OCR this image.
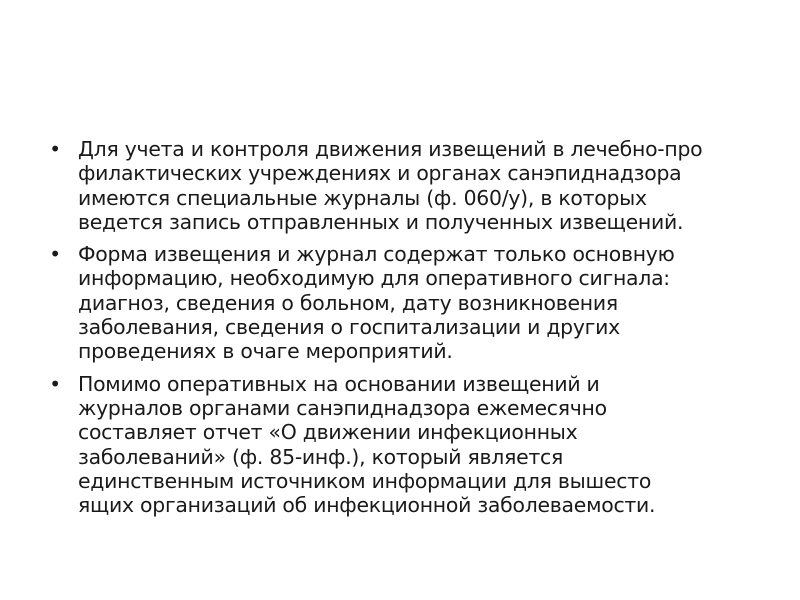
• Для учета и контроля движения извещений в лечебно-про
филактических учреждениях и органах санэпиднадзора
имеются специальные журналы (ф. 060/у), в которых
ведется запись отправленных и полученных извещений.
• Форма извещения и журнал содержат только основную
информацию, необходимую для оперативного сигнала:
диагноз, сведения о больном, дату возникновения
заболевания, сведения о госпитализации и других
проведениях в очаге мероприятий.
• Помимо оперативных на основании извещений и
журналов органами санэпиднадзора ежемесячно
составляет отчет «О движении инфекционных
заболеваний» (ф. 85-инф.), который является
единственным источником информации для вышесто
ящих организаций об инфекционной заболеваемости.
